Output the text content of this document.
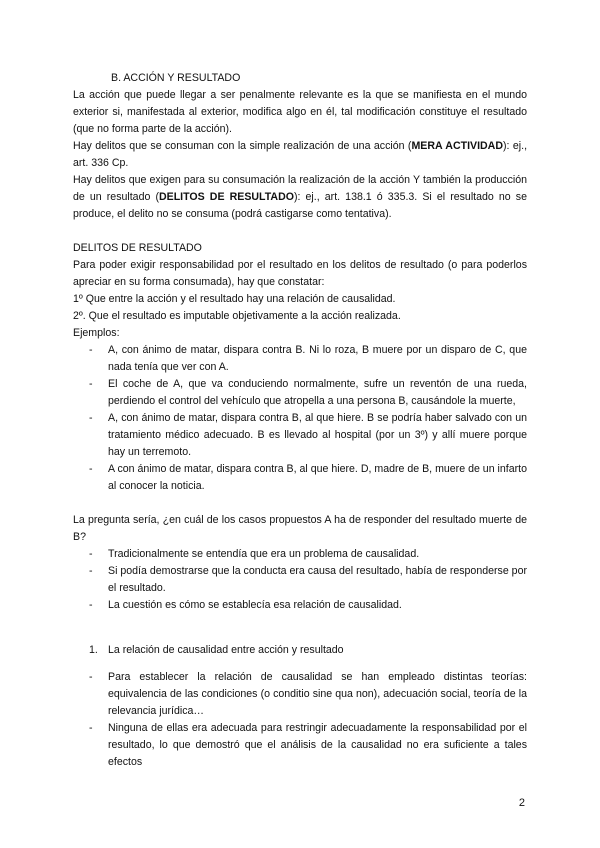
B. ACCIÓN Y RESULTADO

La acción que puede llegar a ser penalmente relevante es la que se manifiesta en el mundo exterior si, manifestada al exterior, modifica algo en él, tal modificación constituye el resultado (que no forma parte de la acción).

Hay delitos que se consuman con la simple realización de una acción (MERA ACTIVIDAD): ej., art. 336 Cp.

Hay delitos que exigen para su consumación la realización de la acción Y también la producción de un resultado (DELITOS DE RESULTADO): ej., art. 138.1 ó 335.3. Si el resultado no se produce, el delito no se consuma (podrá castigarse como tentativa).

DELITOS DE RESULTADO

Para poder exigir responsabilidad por el resultado en los delitos de resultado (o para poderlos apreciar en su forma consumada), hay que constatar:

1º Que entre la acción y el resultado hay una relación de causalidad.

2º. Que el resultado es imputable objetivamente a la acción realizada.

Ejemplos:

- A, con ánimo de matar, dispara contra B. Ni lo roza, B muere por un disparo de C, que nada tenía que ver con A.
- El coche de A, que va conduciendo normalmente, sufre un reventón de una rueda, perdiendo el control del vehículo que atropella a una persona B, causándole la muerte,
- A, con ánimo de matar, dispara contra B, al que hiere. B se podría haber salvado con un tratamiento médico adecuado. B es llevado al hospital (por un 3º) y allí muere porque hay un terremoto.
- A con ánimo de matar, dispara contra B, al que hiere. D, madre de B, muere de un infarto al conocer la noticia.

La pregunta sería, ¿en cuál de los casos propuestos A ha de responder del resultado muerte de B?

- Tradicionalmente se entendía que era un problema de causalidad.
- Si podía demostrarse que la conducta era causa del resultado, había de responderse por el resultado.
- La cuestión es cómo se establecía esa relación de causalidad.

1. La relación de causalidad entre acción y resultado

- Para establecer la relación de causalidad se han empleado distintas teorías: equivalencia de las condiciones (o conditio sine qua non), adecuación social, teoría de la relevancia jurídica…
- Ninguna de ellas era adecuada para restringir adecuadamente la responsabilidad por el resultado, lo que demostró que el análisis de la causalidad no era suficiente a tales efectos
2
